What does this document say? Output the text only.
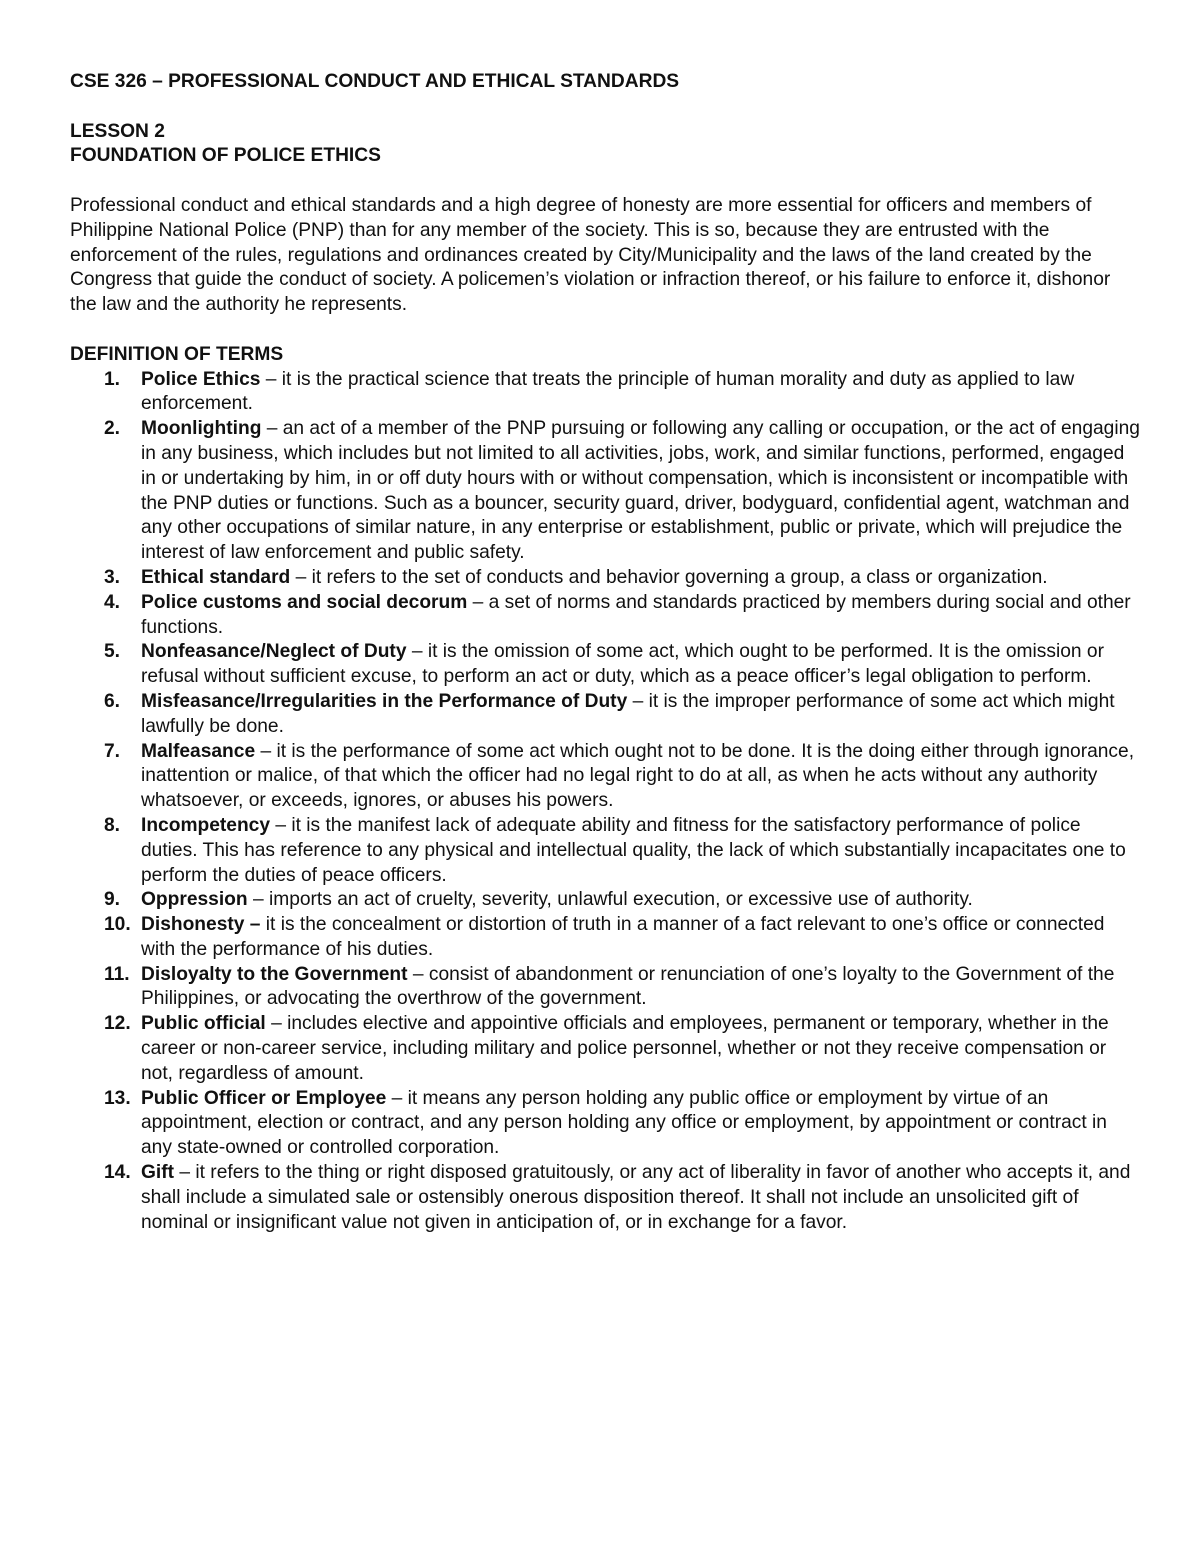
CSE 326 – PROFESSIONAL CONDUCT AND ETHICAL STANDARDS

LESSON 2

FOUNDATION OF POLICE ETHICS

Professional conduct and ethical standards and a high degree of honesty are more essential for officers and members of Philippine National Police (PNP) than for any member of the society. This is so, because they are entrusted with the enforcement of the rules, regulations and ordinances created by City/Municipality and the laws of the land created by the Congress that guide the conduct of society. A policemen’s violation or infraction thereof, or his failure to enforce it, dishonor the law and the authority he represents.

DEFINITION OF TERMS

1. Police Ethics – it is the practical science that treats the principle of human morality and duty as applied to law enforcement.
2. Moonlighting – an act of a member of the PNP pursuing or following any calling or occupation, or the act of engaging in any business, which includes but not limited to all activities, jobs, work, and similar functions, performed, engaged in or undertaking by him, in or off duty hours with or without compensation, which is inconsistent or incompatible with the PNP duties or functions. Such as a bouncer, security guard, driver, bodyguard, confidential agent, watchman and any other occupations of similar nature, in any enterprise or establishment, public or private, which will prejudice the interest of law enforcement and public safety.
3. Ethical standard – it refers to the set of conducts and behavior governing a group, a class or organization.
4. Police customs and social decorum – a set of norms and standards practiced by members during social and other functions.
5. Nonfeasance/Neglect of Duty – it is the omission of some act, which ought to be performed. It is the omission or refusal without sufficient excuse, to perform an act or duty, which as a peace officer’s legal obligation to perform.
6. Misfeasance/Irregularities in the Performance of Duty – it is the improper performance of some act which might lawfully be done.
7. Malfeasance – it is the performance of some act which ought not to be done. It is the doing either through ignorance, inattention or malice, of that which the officer had no legal right to do at all, as when he acts without any authority whatsoever, or exceeds, ignores, or abuses his powers.
8. Incompetency – it is the manifest lack of adequate ability and fitness for the satisfactory performance of police duties. This has reference to any physical and intellectual quality, the lack of which substantially incapacitates one to perform the duties of peace officers.
9. Oppression – imports an act of cruelty, severity, unlawful execution, or excessive use of authority.
10. Dishonesty – it is the concealment or distortion of truth in a manner of a fact relevant to one’s office or connected with the performance of his duties.
11. Disloyalty to the Government – consist of abandonment or renunciation of one’s loyalty to the Government of the Philippines, or advocating the overthrow of the government.
12. Public official – includes elective and appointive officials and employees, permanent or temporary, whether in the career or non-career service, including military and police personnel, whether or not they receive compensation or not, regardless of amount.
13. Public Officer or Employee – it means any person holding any public office or employment by virtue of an appointment, election or contract, and any person holding any office or employment, by appointment or contract in any state-owned or controlled corporation.
14. Gift – it refers to the thing or right disposed gratuitously, or any act of liberality in favor of another who accepts it, and shall include a simulated sale or ostensibly onerous disposition thereof. It shall not include an unsolicited gift of nominal or insignificant value not given in anticipation of, or in exchange for a favor.
